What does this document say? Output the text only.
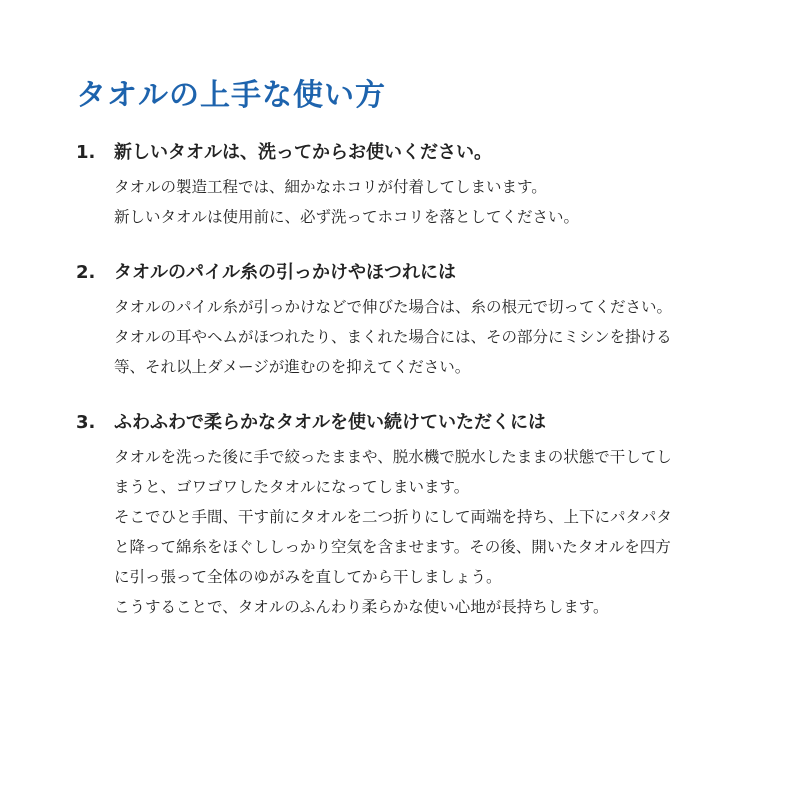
タオルの上手な使い方
1. 新しいタオルは、洗ってからお使いください。
タオルの製造工程では、細かなホコリが付着してしまいます。
新しいタオルは使用前に、必ず洗ってホコリを落としてください。
2. タオルのパイル糸の引っかけやほつれには
タオルのパイル糸が引っかけなどで伸びた場合は、糸の根元で切ってください。
タオルの耳やヘムがほつれたり、まくれた場合には、その部分にミシンを掛ける
等、それ以上ダメージが進むのを抑えてください。
3. ふわふわで柔らかなタオルを使い続けていただくには
タオルを洗った後に手で絞ったままや、脱水機で脱水したままの状態で干してし
まうと、ゴワゴワしたタオルになってしまいます。
そこでひと手間、干す前にタオルを二つ折りにして両端を持ち、上下にパタパタ
と降って綿糸をほぐししっかり空気を含ませます。その後、開いたタオルを四方
に引っ張って全体のゆがみを直してから干しましょう。
こうすることで、タオルのふんわり柔らかな使い心地が長持ちします。
